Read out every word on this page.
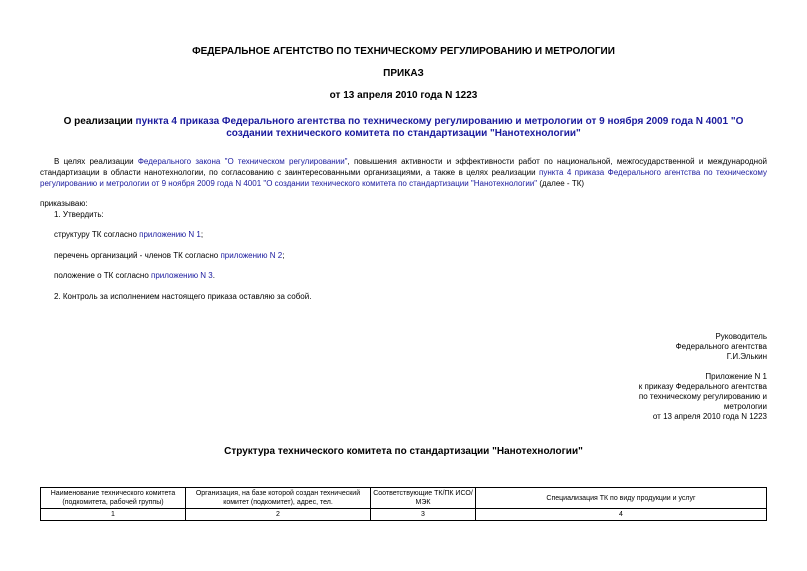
ФЕДЕРАЛЬНОЕ АГЕНТСТВО ПО ТЕХНИЧЕСКОМУ РЕГУЛИРОВАНИЮ И МЕТРОЛОГИИ
ПРИКАЗ
от 13 апреля 2010 года N 1223
О реализации пункта 4 приказа Федерального агентства по техническому регулированию и метрологии от 9 ноября 2009 года N 4001 "О создании технического комитета по стандартизации "Нанотехнологии"
В целях реализации Федерального закона "О техническом регулировании", повышения активности и эффективности работ по национальной, межгосударственной и международной стандартизации в области нанотехнологии, по согласованию с заинтересованными организациями, а также в целях реализации пункта 4 приказа Федерального агентства по техническому регулированию и метрологии от 9 ноября 2009 года N 4001 "О создании технического комитета по стандартизации "Нанотехнологии" (далее - ТК)
приказываю:
1. Утвердить:
структуру ТК согласно приложению N 1;
перечень организаций - членов ТК согласно приложению N 2;
положение о ТК согласно приложению N 3.
2. Контроль за исполнением настоящего приказа оставляю за собой.
Руководитель
Федерального агентства
Г.И.Элькин
Приложение N 1
к приказу Федерального агентства
по техническому регулированию и
метрологии
от 13 апреля 2010 года N 1223
Структура технического комитета по стандартизации "Нанотехнологии"
Наименование технического комитета (подкомитета, рабочей группы)	Организация, на базе которой создан технический комитет (подкомитет), адрес, тел.	Соответствующие ТК/ПК ИСО/МЭК	Специализация ТК по виду продукции и услуг
1	2	3	4
